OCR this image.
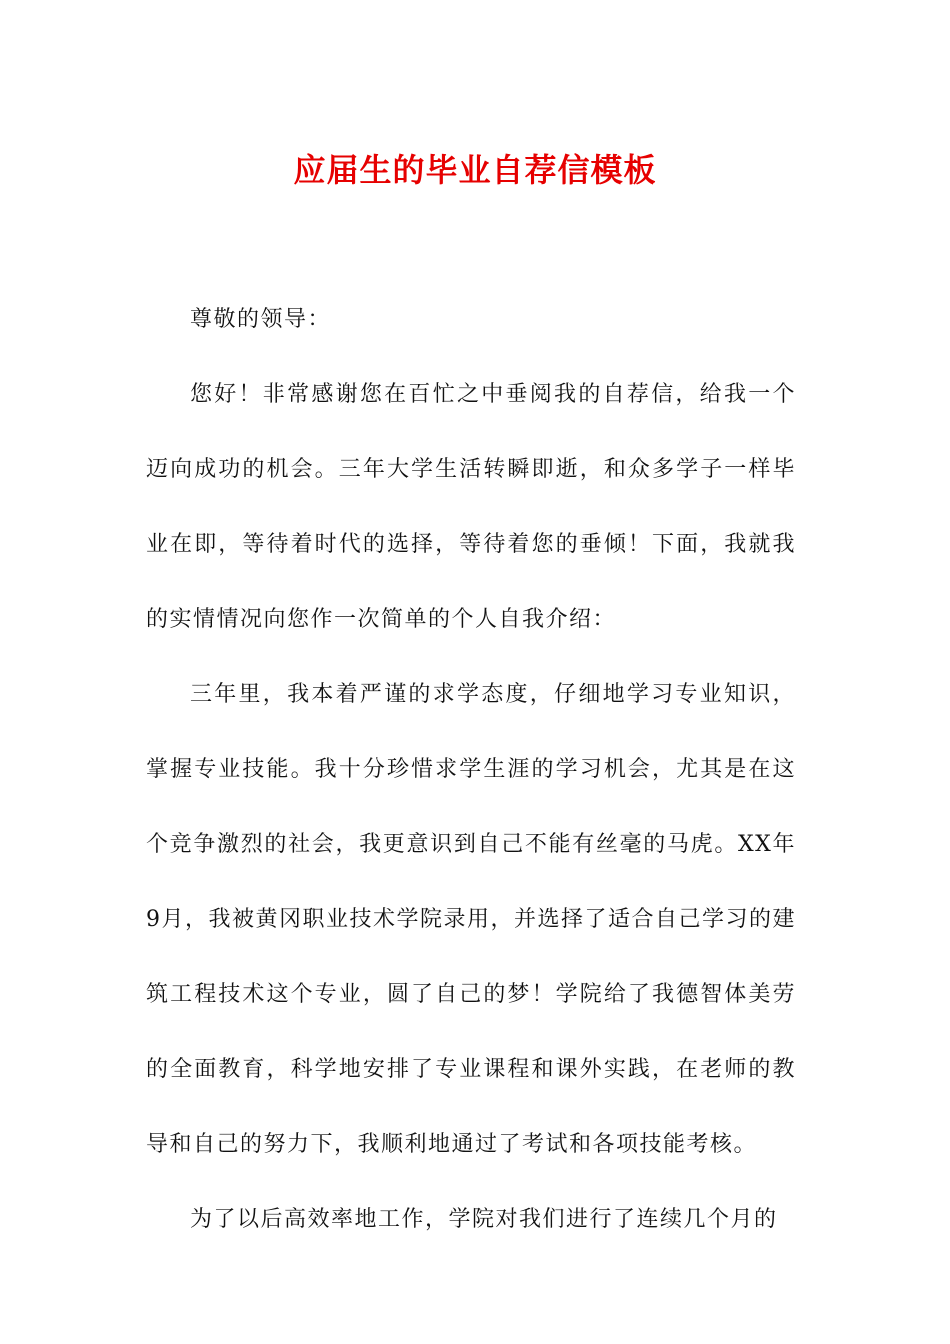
应届生的毕业自荐信模板

尊敬的领导：

您好！非常感谢您在百忙之中垂阅我的自荐信，给我一个迈向成功的机会。三年大学生活转瞬即逝，和众多学子一样毕业在即，等待着时代的选择，等待着您的垂倾！下面，我就我的实情情况向您作一次简单的个人自我介绍：

三年里，我本着严谨的求学态度，仔细地学习专业知识，掌握专业技能。我十分珍惜求学生涯的学习机会，尤其是在这个竞争激烈的社会，我更意识到自己不能有丝毫的马虎。XX年9月，我被黄冈职业技术学院录用，并选择了适合自己学习的建筑工程技术这个专业，圆了自己的梦！学院给了我德智体美劳的全面教育，科学地安排了专业课程和课外实践，在老师的教导和自己的努力下，我顺利地通过了考试和各项技能考核。

为了以后高效率地工作，学院对我们进行了连续几个月的
